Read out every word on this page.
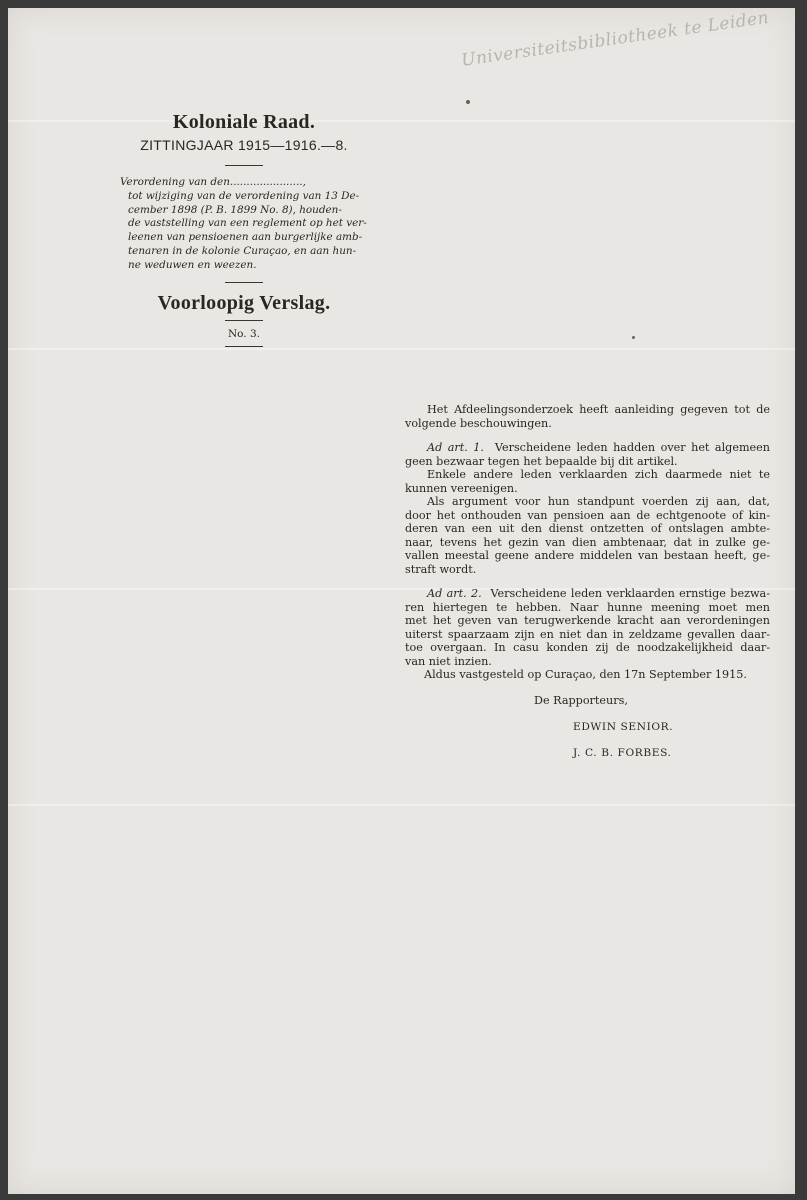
Universiteitsbibliotheek te Leiden
Koloniale Raad.

ZITTINGJAAR 1915—1916.—8.

Verordening van den......................,
tot wijziging van de verordening van 13 De-
cember 1898 (P. B. 1899 No. 8), houden-
de vaststelling van een reglement op het ver-
leenen van pensioenen aan burgerlijke amb-
tenaren in de kolonie Curaçao, en aan hun-
ne weduwen en weezen.
Voorloopig Verslag.

No. 3.

Het Afdeelingsonderzoek heeft aanleiding gegeven tot de

volgende beschouwingen.

Ad art. 1. Verscheidene leden hadden over het algemeen

geen bezwaar tegen het bepaalde bij dit artikel.

Enkele andere leden verklaarden zich daarmede niet te

kunnen vereenigen.

Als argument voor hun standpunt voerden zij aan, dat,

door het onthouden van pensioen aan de echtgenoote of kin-

deren van een uit den dienst ontzetten of ontslagen ambte-

naar, tevens het gezin van dien ambtenaar, dat in zulke ge-

vallen meestal geene andere middelen van bestaan heeft, ge-

straft wordt.

Ad art. 2. Verscheidene leden verklaarden ernstige bezwa-

ren hiertegen te hebben. Naar hunne meening moet men

met het geven van terugwerkende kracht aan verordeningen

uiterst spaarzaam zijn en niet dan in zeldzame gevallen daar-

toe overgaan. In casu konden zij de noodzakelijkheid daar-

van niet inzien.

Aldus vastgesteld op Curaçao, den 17n September 1915.
De Rapporteurs,
EDWIN SENIOR.
J. C. B. FORBES.
